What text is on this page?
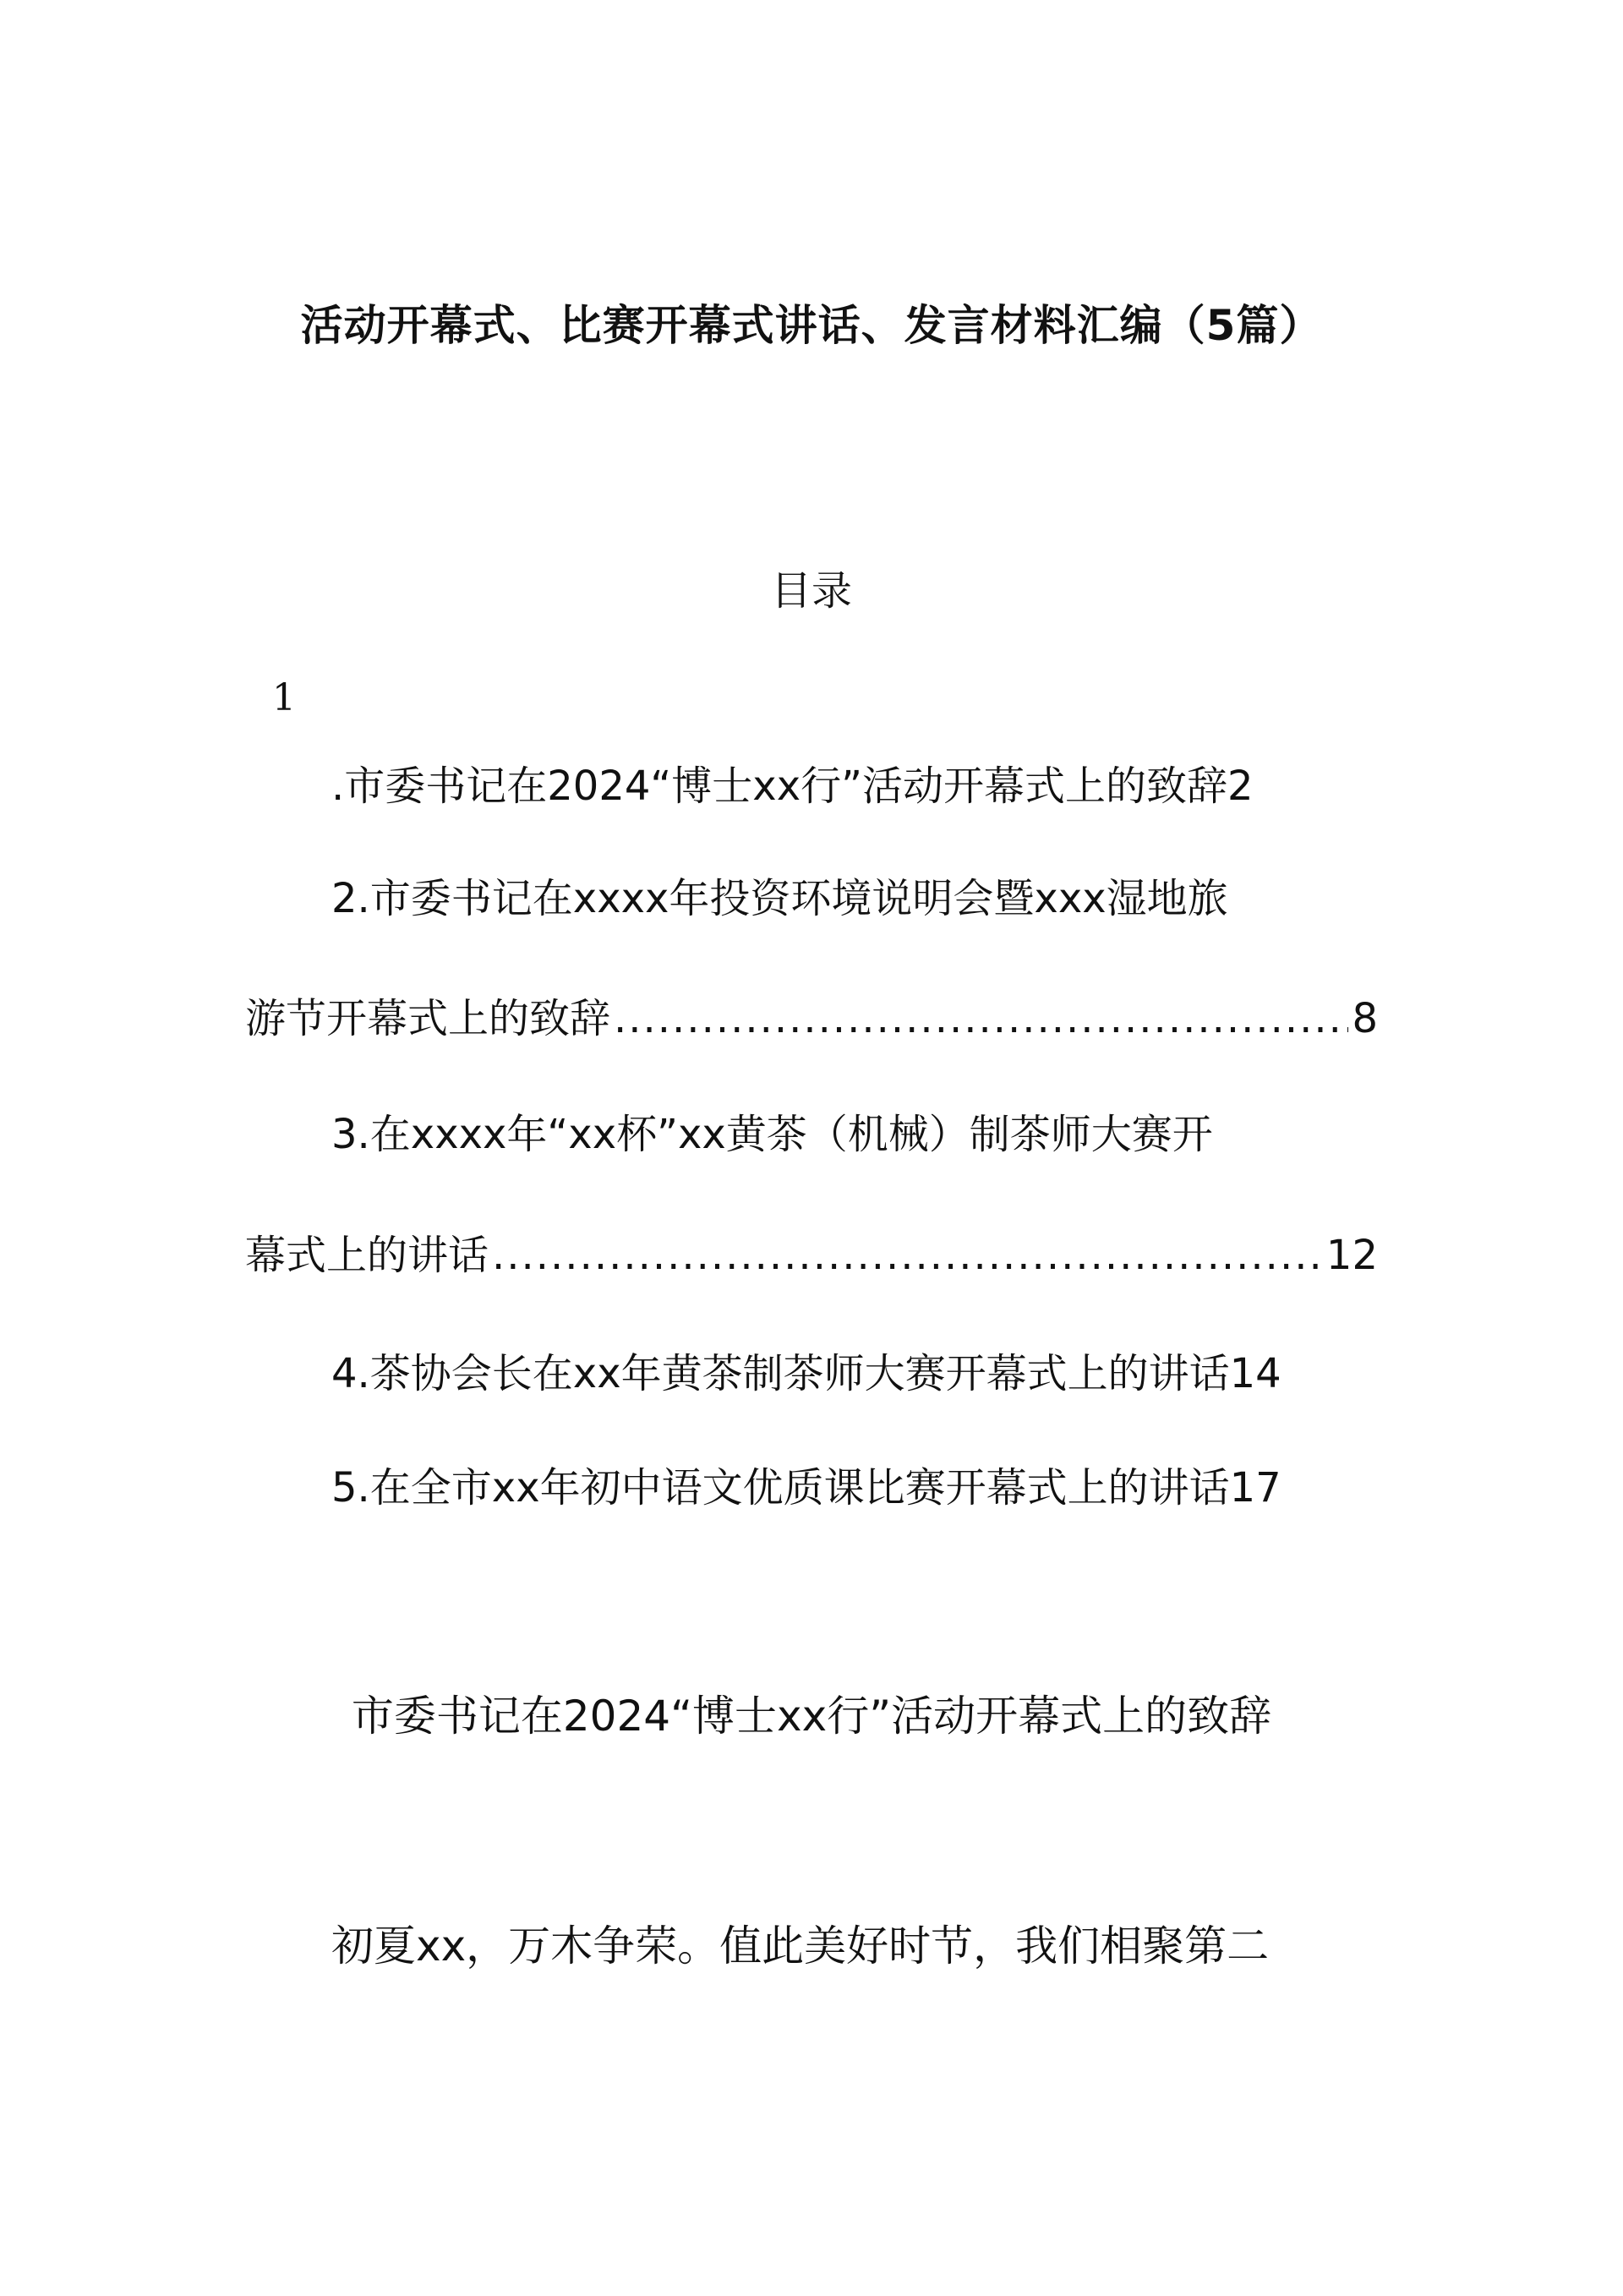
活动开幕式、比赛开幕式讲话、发言材料汇编（5篇）
目录
1
.市委书记在2024“博士xx行”活动开幕式上的致辞2
2.市委书记在xxxx年投资环境说明会暨xxx湿地旅
游节开幕式上的致辞 .....	8
3.在xxxx年“xx杯”xx黄茶（机械）制茶师大赛开
幕式上的讲话 .....	12
4.茶协会长在xx年黄茶制茶师大赛开幕式上的讲话14
5.在全市xx年初中语文优质课比赛开幕式上的讲话17
市委书记在2024“博士xx行”活动开幕式上的致辞
初夏xx，万木争荣。值此美好时节，我们相聚第二
